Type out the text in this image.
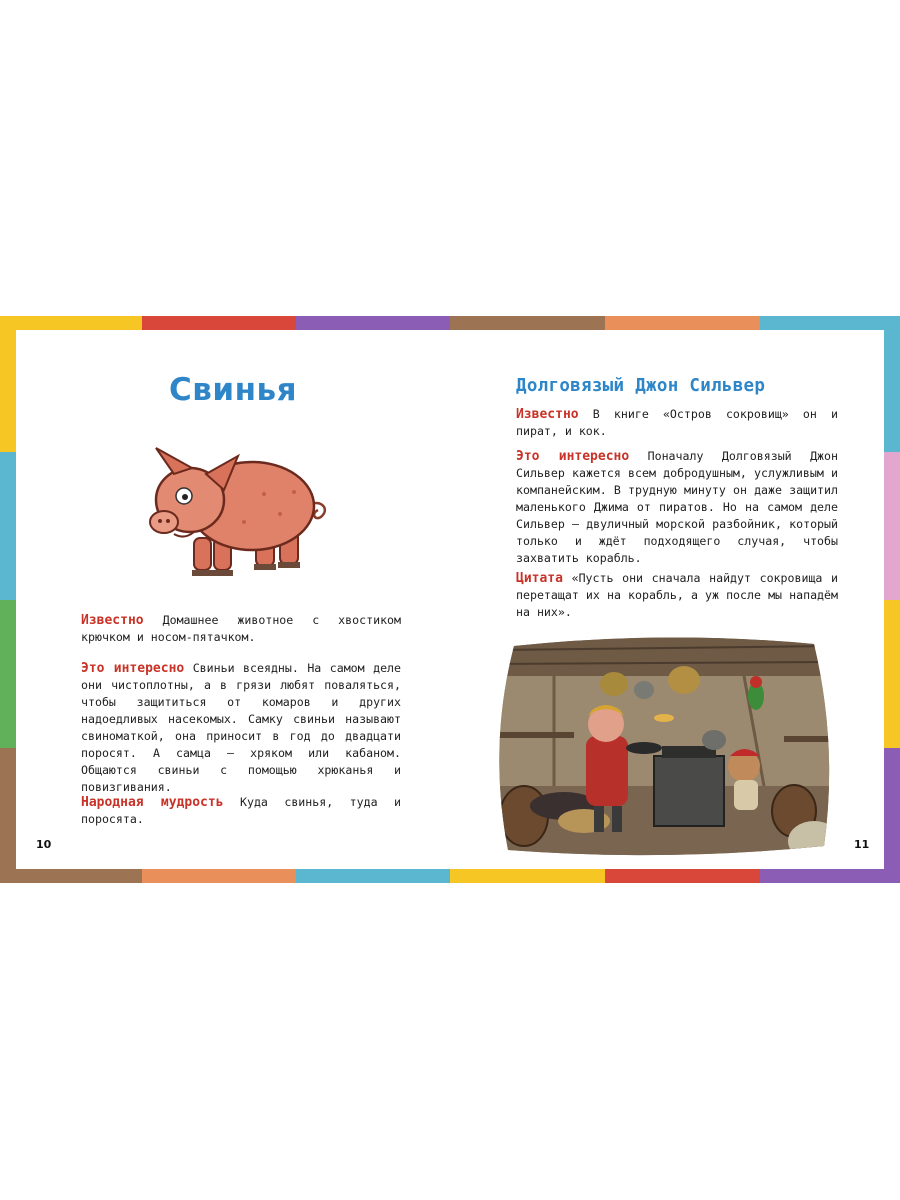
Свинья
Известно Домашнее животное с хвостиком крючком и носом-пятачком.
Это интересно Свиньи всеядны. На самом деле они чистоплотны, а в грязи любят поваляться, чтобы защититься от комаров и других надоедливых насекомых. Самку свиньи называют свиноматкой, она приносит в год до двадцати поросят. А самца — хряком или кабаном. Общаются свиньи с помощью хрюканья и повизгивания.
Народная мудрость Куда свинья, туда и поросята.
10
Долговязый Джон Сильвер
Известно В книге «Остров сокровищ» он и пират, и кок.
Это интересно Поначалу Долговязый Джон Сильвер кажется всем добродушным, услужливым и компанейским. В трудную минуту он даже защитил маленького Джима от пиратов. Но на самом деле Сильвер — двуличный морской разбойник, который только и ждёт подходящего случая, чтобы захватить корабль.
Цитата «Пусть они сначала найдут сокровища и перетащат их на корабль, а уж после мы нападём на них».
11
